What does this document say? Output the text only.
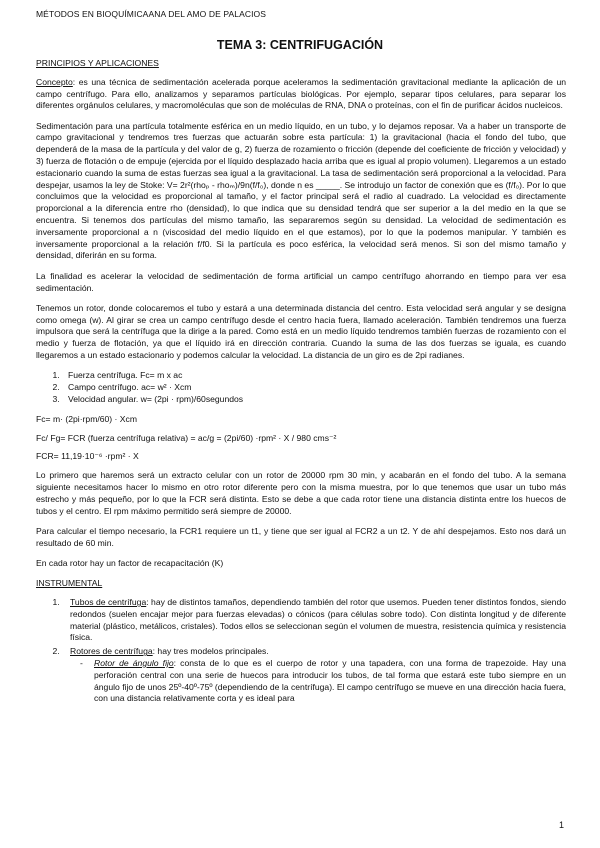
MÉTODOS EN BIOQUÍMICAANA DEL AMO DE PALACIOS
TEMA 3: CENTRIFUGACIÓN
PRINCIPIOS Y APLICACIONES

Concepto: es una técnica de sedimentación acelerada porque aceleramos la sedimentación gravitacional mediante la aplicación de un campo centrífugo. Para ello, analizamos y separamos partículas biológicas. Por ejemplo, separar tipos celulares, para separar los diferentes orgánulos celulares, y macromoléculas que son de moléculas de RNA, DNA o proteínas, con el fin de purificar ácidos nucleicos.

Sedimentación para una partícula totalmente esférica en un medio líquido, en un tubo, y lo dejamos reposar. Va a haber un transporte de campo gravitacional y tendremos tres fuerzas que actuarán sobre esta partícula: 1) la gravitacional (hacia el fondo del tubo, que dependerá de la masa de la partícula y del valor de g, 2) fuerza de rozamiento o fricción (depende del coeficiente de fricción y velocidad) y 3) fuerza de flotación o de empuje (ejercida por el líquido desplazado hacia arriba que es igual al propio volumen). Llegaremos a un estado estacionario cuando la suma de estas fuerzas sea igual a la gravitacional. La tasa de sedimentación será proporcional a la velocidad. Para despejar, usamos la ley de Stoke: V= 2r²(rhoₚ - rhoₘ)/9n(f/f₀), donde n es _____. Se introdujo un factor de conexión que es (f/f₀). Por lo que concluimos que la velocidad es proporcional al tamaño, y el factor principal será el radio al cuadrado. La velocidad es directamente proporcional a la diferencia entre rho (densidad), lo que indica que su densidad tendrá que ser superior a la del medio en la que se encuentra. Si tenemos dos partículas del mismo tamaño, las separaremos según su densidad. La velocidad de sedimentación es inversamente proporcional a n (viscosidad del medio líquido en el que estamos), por lo que la podemos manipular. Y también es inversamente proporcional a la relación f/f0. Si la partícula es poco esférica, la velocidad será menos. Si son del mismo tamaño y densidad, diferirán en su forma.

La finalidad es acelerar la velocidad de sedimentación de forma artificial un campo centrífugo ahorrando en tiempo para ver esa sedimentación.

Tenemos un rotor, donde colocaremos el tubo y estará a una determinada distancia del centro. Esta velocidad será angular y se designa como omega (w). Al girar se crea un campo centrífugo desde el centro hacia fuera, llamado aceleración. También tendremos una fuerza impulsora que será la centrífuga que la dirige a la pared. Como está en un medio líquido tendremos también fuerzas de rozamiento con el medio y fuerza de flotación, ya que el líquido irá en dirección contraria. Cuando la suma de las dos fuerzas se iguala, es cuando llegaremos a un estado estacionario y podemos calcular la velocidad. La distancia de un giro es de 2pi radianes.

1. Fuerza centrífuga. Fc= m x ac
2. Campo centrífugo. ac= w² · Xcm
3. Velocidad angular. w= (2pi · rpm)/60segundos
Fc= m· (2pi·rpm/60) · Xcm
Fc/ Fg= FCR (fuerza centrífuga relativa) = ac/g = (2pi/60) ·rpm² · X / 980 cms⁻²
FCR= 11,19·10⁻⁶ ·rpm² · X

Lo primero que haremos será un extracto celular con un rotor de 20000 rpm 30 min, y acabarán en el fondo del tubo. A la semana siguiente necesitamos hacer lo mismo en otro rotor diferente pero con la misma muestra, por lo que tenemos que usar un tubo más estrecho y más pequeño, por lo que la FCR será distinta. Esto se debe a que cada rotor tiene una distancia distinta entre los huecos de tubos y el centro. El rpm máximo permitido será siempre de 20000.

Para calcular el tiempo necesario, la FCR1 requiere un t1, y tiene que ser igual al FCR2 a un t2. Y de ahí despejamos. Esto nos dará un resultado de 60 min.

En cada rotor hay un factor de recapacitación (K)

INSTRUMENTAL
1. Tubos de centrífuga: hay de distintos tamaños, dependiendo también del rotor que usemos. Pueden tener distintos fondos, siendo redondos (suelen encajar mejor para fuerzas elevadas) o cónicos (para células sobre todo). Con distinta longitud y de diferente material (plástico, metálicos, cristales). Todos ellos se seleccionan según el volumen de muestra, resistencia química y resistencia física.
2. Rotores de centrífuga: hay tres modelos principales.
- Rotor de ángulo fijo: consta de lo que es el cuerpo de rotor y una tapadera, con una forma de trapezoide. Hay una perforación central con una serie de huecos para introducir los tubos, de tal forma que estará este tubo siempre en un ángulo fijo de unos 25º-40º-75º (dependiendo de la centrífuga). El campo centrífugo se mueve en una dirección hacia fuera, con una distancia relativamente corta y es ideal para
1
